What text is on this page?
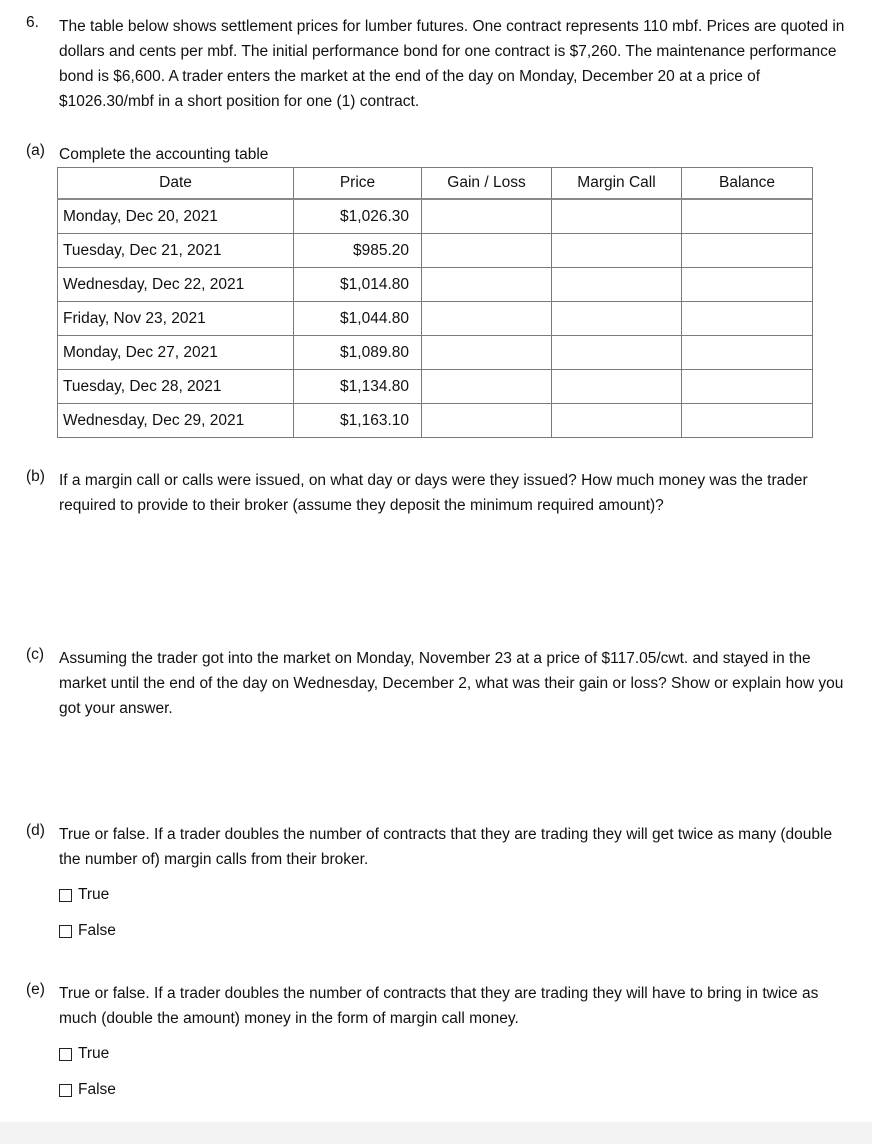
6. The table below shows settlement prices for lumber futures. One contract represents 110 mbf. Prices are quoted in dollars and cents per mbf. The initial performance bond for one contract is $7,260. The maintenance performance bond is $6,600. A trader enters the market at the end of the day on Monday, December 20 at a price of $1026.30/mbf in a short position for one (1) contract.
(a) Complete the accounting table
Date	Price	Gain / Loss	Margin Call	Balance
Monday, Dec 20, 2021	$1,026.30			
Tuesday, Dec 21, 2021	$985.20			
Wednesday, Dec 22, 2021	$1,014.80			
Friday, Nov 23, 2021	$1,044.80			
Monday, Dec 27, 2021	$1,089.80			
Tuesday, Dec 28, 2021	$1,134.80			
Wednesday, Dec 29, 2021	$1,163.10			
(b) If a margin call or calls were issued, on what day or days were they issued? How much money was the trader required to provide to their broker (assume they deposit the minimum required amount)?
(c) Assuming the trader got into the market on Monday, November 23 at a price of $117.05/cwt. and stayed in the market until the end of the day on Wednesday, December 2, what was their gain or loss? Show or explain how you got your answer.
(d) True or false. If a trader doubles the number of contracts that they are trading they will get twice as many (double the number of) margin calls from their broker.
True
False
(e) True or false. If a trader doubles the number of contracts that they are trading they will have to bring in twice as much (double the amount) money in the form of margin call money.
True
False
